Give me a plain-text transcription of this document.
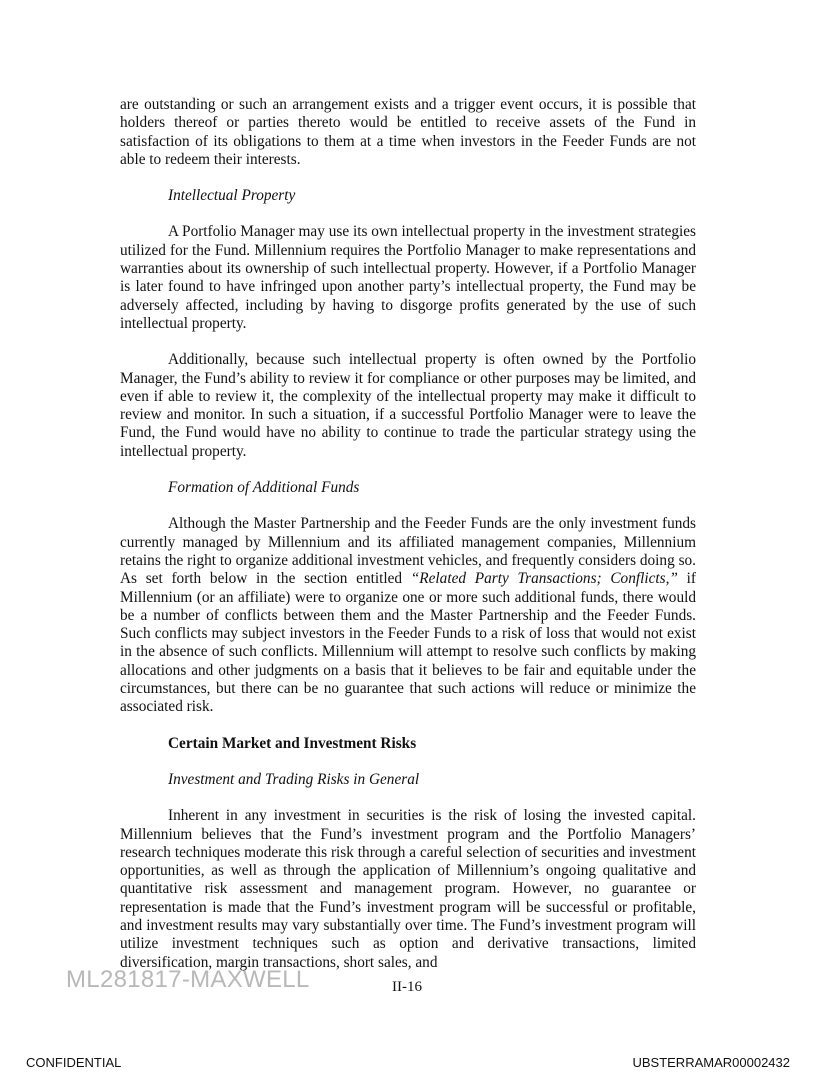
are outstanding or such an arrangement exists and a trigger event occurs, it is possible that holders thereof or parties thereto would be entitled to receive assets of the Fund in satisfaction of its obligations to them at a time when investors in the Feeder Funds are not able to redeem their interests.

Intellectual Property

A Portfolio Manager may use its own intellectual property in the investment strategies utilized for the Fund. Millennium requires the Portfolio Manager to make representations and warranties about its ownership of such intellectual property. However, if a Portfolio Manager is later found to have infringed upon another party’s intellectual property, the Fund may be adversely affected, including by having to disgorge profits generated by the use of such intellectual property.

Additionally, because such intellectual property is often owned by the Portfolio Manager, the Fund’s ability to review it for compliance or other purposes may be limited, and even if able to review it, the complexity of the intellectual property may make it difficult to review and monitor. In such a situation, if a successful Portfolio Manager were to leave the Fund, the Fund would have no ability to continue to trade the particular strategy using the intellectual property.

Formation of Additional Funds

Although the Master Partnership and the Feeder Funds are the only investment funds currently managed by Millennium and its affiliated management companies, Millennium retains the right to organize additional investment vehicles, and frequently considers doing so. As set forth below in the section entitled “Related Party Transactions; Conflicts,” if Millennium (or an affiliate) were to organize one or more such additional funds, there would be a number of conflicts between them and the Master Partnership and the Feeder Funds. Such conflicts may subject investors in the Feeder Funds to a risk of loss that would not exist in the absence of such conflicts. Millennium will attempt to resolve such conflicts by making allocations and other judgments on a basis that it believes to be fair and equitable under the circumstances, but there can be no guarantee that such actions will reduce or minimize the associated risk.

Certain Market and Investment Risks
Investment and Trading Risks in General

Inherent in any investment in securities is the risk of losing the invested capital. Millennium believes that the Fund’s investment program and the Portfolio Managers’ research techniques moderate this risk through a careful selection of securities and investment opportunities, as well as through the application of Millennium’s ongoing qualitative and quantitative risk assessment and management program. However, no guarantee or representation is made that the Fund’s investment program will be successful or profitable, and investment results may vary substantially over time. The Fund’s investment program will utilize investment techniques such as option and derivative transactions, limited diversification, margin transactions, short sales, and

ML281817-MAXWELL	II-16
CONFIDENTIAL	UBSTERRAMAR00002432
